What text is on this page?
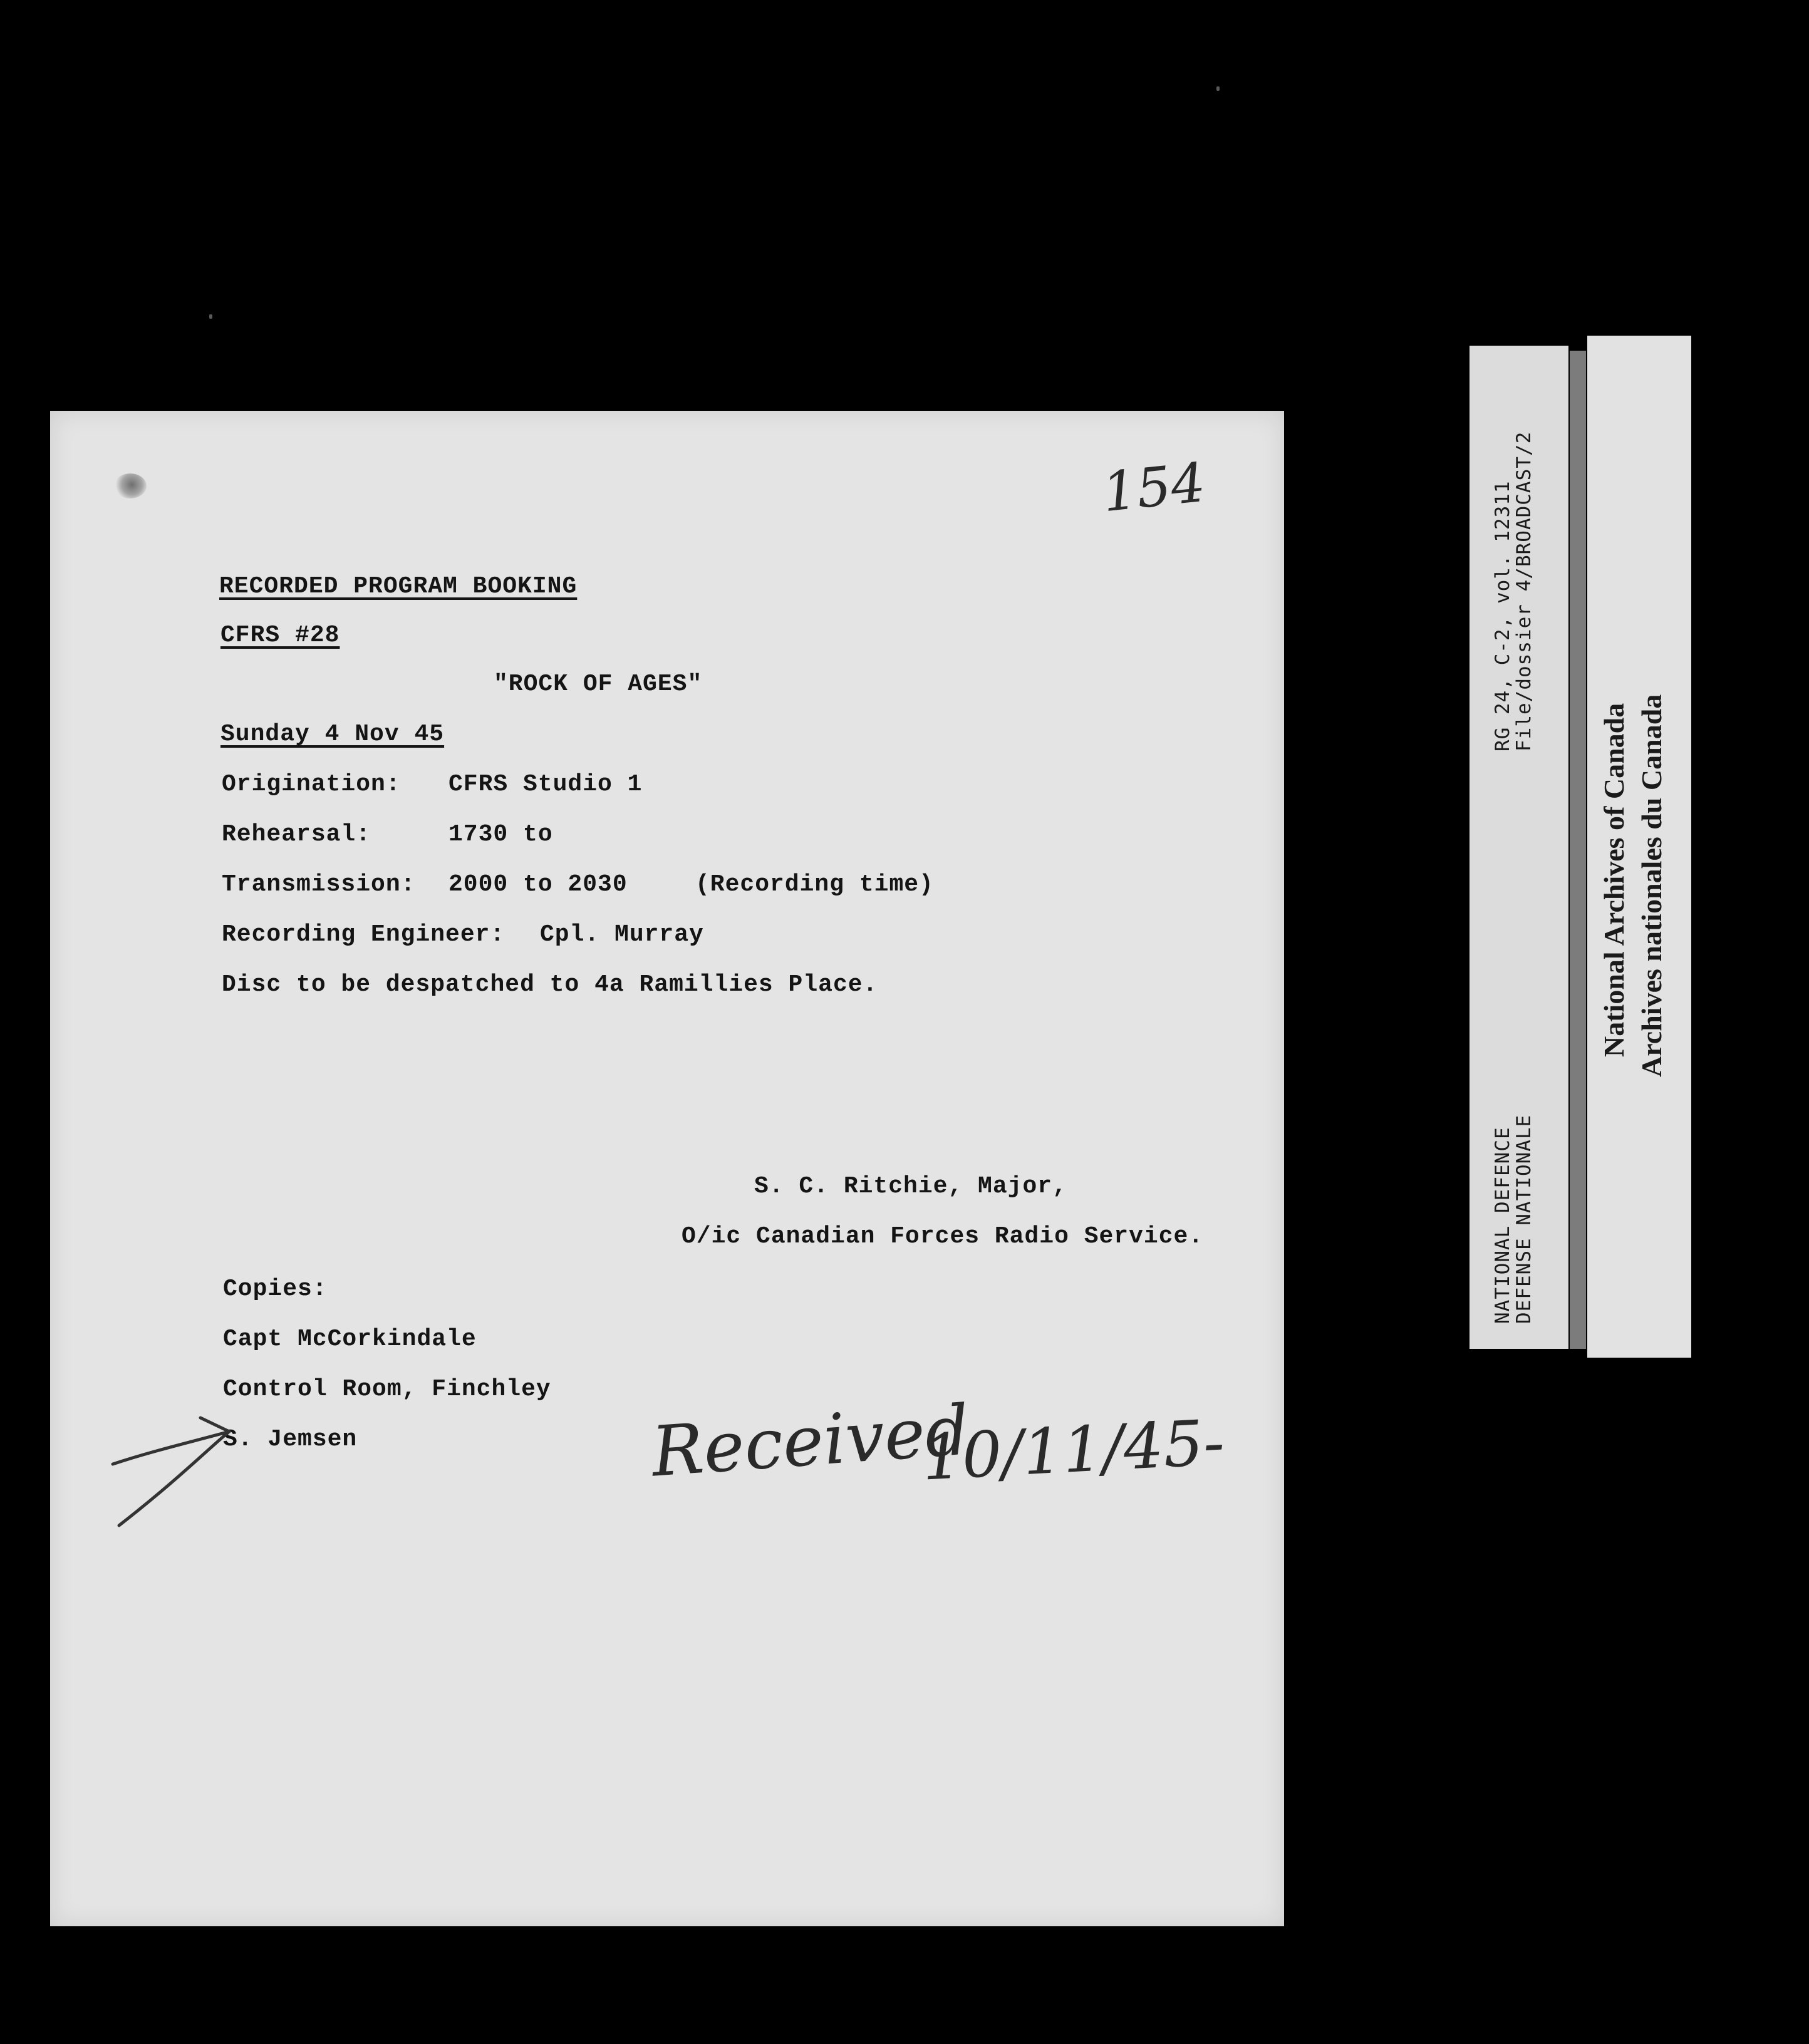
154
RECORDED PROGRAM BOOKING
CFRS #28
"ROCK OF AGES"
Sunday 4 Nov 45
Origination: CFRS Studio 1
Rehearsal:	1730 to
Transmission: 2000 to 2030	(Recording time)
Recording Engineer: Cpl. Murray
Disc to be despatched to 4a Ramillies Place.
S. C. Ritchie, Major,
O/ic Canadian Forces Radio Service.
Copies:
Capt McCorkindale
Control Room, Finchley
S. Jemsen	Received
10/11/45-
RG 24, C-2, vol. 12311
File/dossier 4/BROADCAST/2
NATIONAL DEFENCE
DEFENSE NATIONALE
National Archives of Canada Archives nationales du Canada
